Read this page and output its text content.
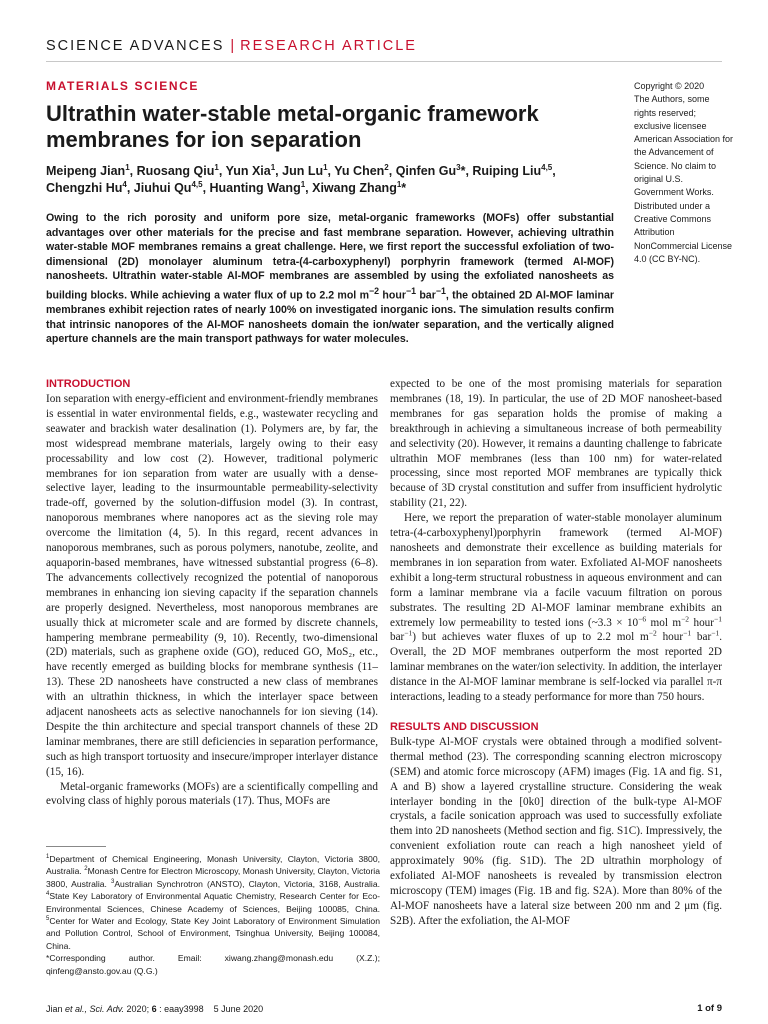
SCIENCE ADVANCES | RESEARCH ARTICLE
MATERIALS SCIENCE
Ultrathin water-stable metal-organic framework membranes for ion separation
Meipeng Jian$^1$, Ruosang Qiu$^1$, Yun Xia$^1$, Jun Lu$^1$, Yu Chen$^2$, Qinfen Gu$^3$*, Ruiping Liu$^{4,5}$,
Chengzhi Hu$^4$, Jiuhui Qu$^{4,5}$, Huanting Wang$^1$, Xiwang Zhang$^1$*

Owing to the rich porosity and uniform pore size, metal-organic frameworks (MOFs) offer substantial advantages over other materials for the precise and fast membrane separation. However, achieving ultrathin water-stable MOF membranes remains a great challenge. Here, we first report the successful exfoliation of two-dimensional (2D) monolayer aluminum tetra-(4-carboxyphenyl) porphyrin framework (termed Al-MOF) nanosheets. Ultrathin water-stable Al-MOF membranes are assembled by using the exfoliated nanosheets as building blocks. While achieving a water flux of up to 2.2 mol $m^{-2}$ hour$^{-1}$ bar$^{-1}$, the obtained 2D Al-MOF laminar membranes exhibit rejection rates of nearly 100% on investigated inorganic ions. The simulation results confirm that intrinsic nanopores of the Al-MOF nanosheets domain the ion/water separation, and the vertically aligned aperture channels are the main transport pathways for water molecules.

Copyright © 2020

The Authors, some rights reserved; exclusive licensee American Association for the Advancement of Science. No claim to original U.S. Government Works. Distributed under a Creative Commons Attribution NonCommercial License 4.0 (CC BY-NC).

INTRODUCTION

Ion separation with energy-efficient and environment-friendly membranes is essential in water environmental fields, e.g., wastewater recycling and seawater and brackish water desalination (1). Polymers are, by far, the most widespread membrane materials, largely owing to their easy processability and low cost (2). However, traditional polymeric membranes for ion separation from water are usually with a dense-selective layer, leading to the insurmountable permeability-selectivity trade-off, governed by the solution-diffusion model (3). In contrast, nanoporous membranes where nanopores act as the sieving role may overcome the limitation (4, 5). In this regard, recent advances in nanoporous membranes, such as porous polymers, nanotube, zeolite, and aquaporin-based membranes, have witnessed substantial progress (6–8). The advancements collectively recognized the potential of nanoporous membranes in enhancing ion sieving capacity if the separation channels are properly designed. Nevertheless, most nanoporous membranes are usually thick at micrometer scale and are formed by discrete channels, hampering membrane permeability (9, 10). Recently, two-dimensional (2D) materials, such as graphene oxide (GO), reduced GO, MoS₂, etc., have recently emerged as building blocks for membrane synthesis (11–13). These 2D nanosheets have constructed a new class of membranes with an ultrathin thickness, in which the interlayer space between adjacent nanosheets acts as selective nanochannels for ion sieving (14). Despite the thin architecture and special transport channels of these 2D laminar membranes, there are still deficiencies in separation performance, such as high transport tortuosity and insecure/improper interlayer distance (15, 16).

Metal-organic frameworks (MOFs) are a scientifically compelling and evolving class of highly porous materials (17). Thus, MOFs are

expected to be one of the most promising materials for separation membranes (18, 19). In particular, the use of 2D MOF nanosheet-based membranes for gas separation holds the promise of making a breakthrough in achieving a simultaneous increase of both permeability and selectivity (20). However, it remains a daunting challenge to fabricate ultrathin MOF membranes (less than 100 nm) for water-related processing, since most reported MOF membranes are typically thick because of 3D crystal constitution and suffer from insufficient hydrolytic stability (21, 22).

Here, we report the preparation of water-stable monolayer aluminum tetra-(4-carboxyphenyl)porphyrin framework (termed Al-MOF) nanosheets and demonstrate their excellence as building materials for membranes in ion separation from water. Exfoliated Al-MOF nanosheets exhibit a long-term structural robustness in aqueous environment and can form a laminar membrane via a facile vacuum filtration on porous substrates. The resulting 2D Al-MOF laminar membrane exhibits an extremely low permeability to tested ions (~3.3 × $10^{-6}$ mol $m^{-2}$ hour$^{-1}$ bar$^{-1}$) but achieves water fluxes of up to 2.2 mol $m^{-2}$ hour$^{-1}$ bar$^{-1}$. Overall, the 2D MOF membranes outperform the most reported 2D laminar membranes on the water/ion selectivity. In addition, the interlayer distance in the Al-MOF laminar membrane is self-locked via parallel π-π interactions, leading to a steady performance for more than 750 hours.

RESULTS AND DISCUSSION

Bulk-type Al-MOF crystals were obtained through a modified solvent-thermal method (23). The corresponding scanning electron microscopy (SEM) and atomic force microscopy (AFM) images (Fig. 1A and fig. S1, A and B) show a layered crystalline structure. Considering the weak interlayer bonding in the [0k0] direction of the bulk-type Al-MOF crystals, a facile sonication approach was used to successfully exfoliate them into 2D nanosheets (Method section and fig. S1C). Impressively, the convenient exfoliation route can reach a high nanosheet yield of approximately 90% (fig. S1D). The 2D ultrathin morphology of exfoliated Al-MOF nanosheets is revealed by transmission electron microscopy (TEM) images (Fig. 1B and fig. S2A). More than 80% of the Al-MOF nanosheets have a lateral size between 200 nm and 2 μm (fig. S2B). After the exfoliation, the Al-MOF

$^1$Department of Chemical Engineering, Monash University, Clayton, Victoria 3800, Australia. $^2$Monash Centre for Electron Microscopy, Monash University, Clayton, Victoria 3800, Australia. $^3$Australian Synchrotron (ANSTO), Clayton, Victoria, 3168, Australia. $^4$State Key Laboratory of Environmental Aquatic Chemistry, Research Center for Eco-Environmental Sciences, Chinese Academy of Sciences, Beijing 100085, China. $^5$Center for Water and Ecology, State Key Joint Laboratory of Environment Simulation and Pollution Control, School of Environment, Tsinghua University, Beijing 100084, China.

*Corresponding author. Email: xiwang.zhang@monash.edu (X.Z.); qinfeng@ansto.gov.au (Q.G.)

Jian et al., Sci. Adv. 2020; 6 : eaay3998 5 June 2020	1 of 9
